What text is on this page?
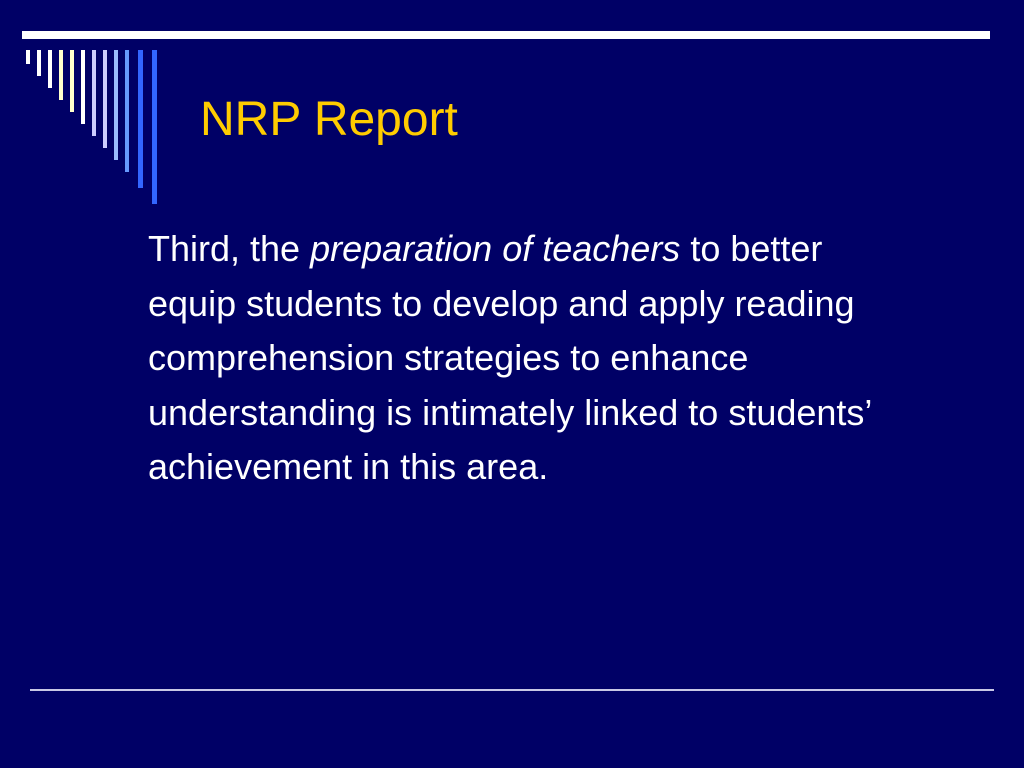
NRP Report

Third, the preparation of teachers to better equip students to develop and apply reading comprehension strategies to enhance understanding is intimately linked to students’ achievement in this area.
